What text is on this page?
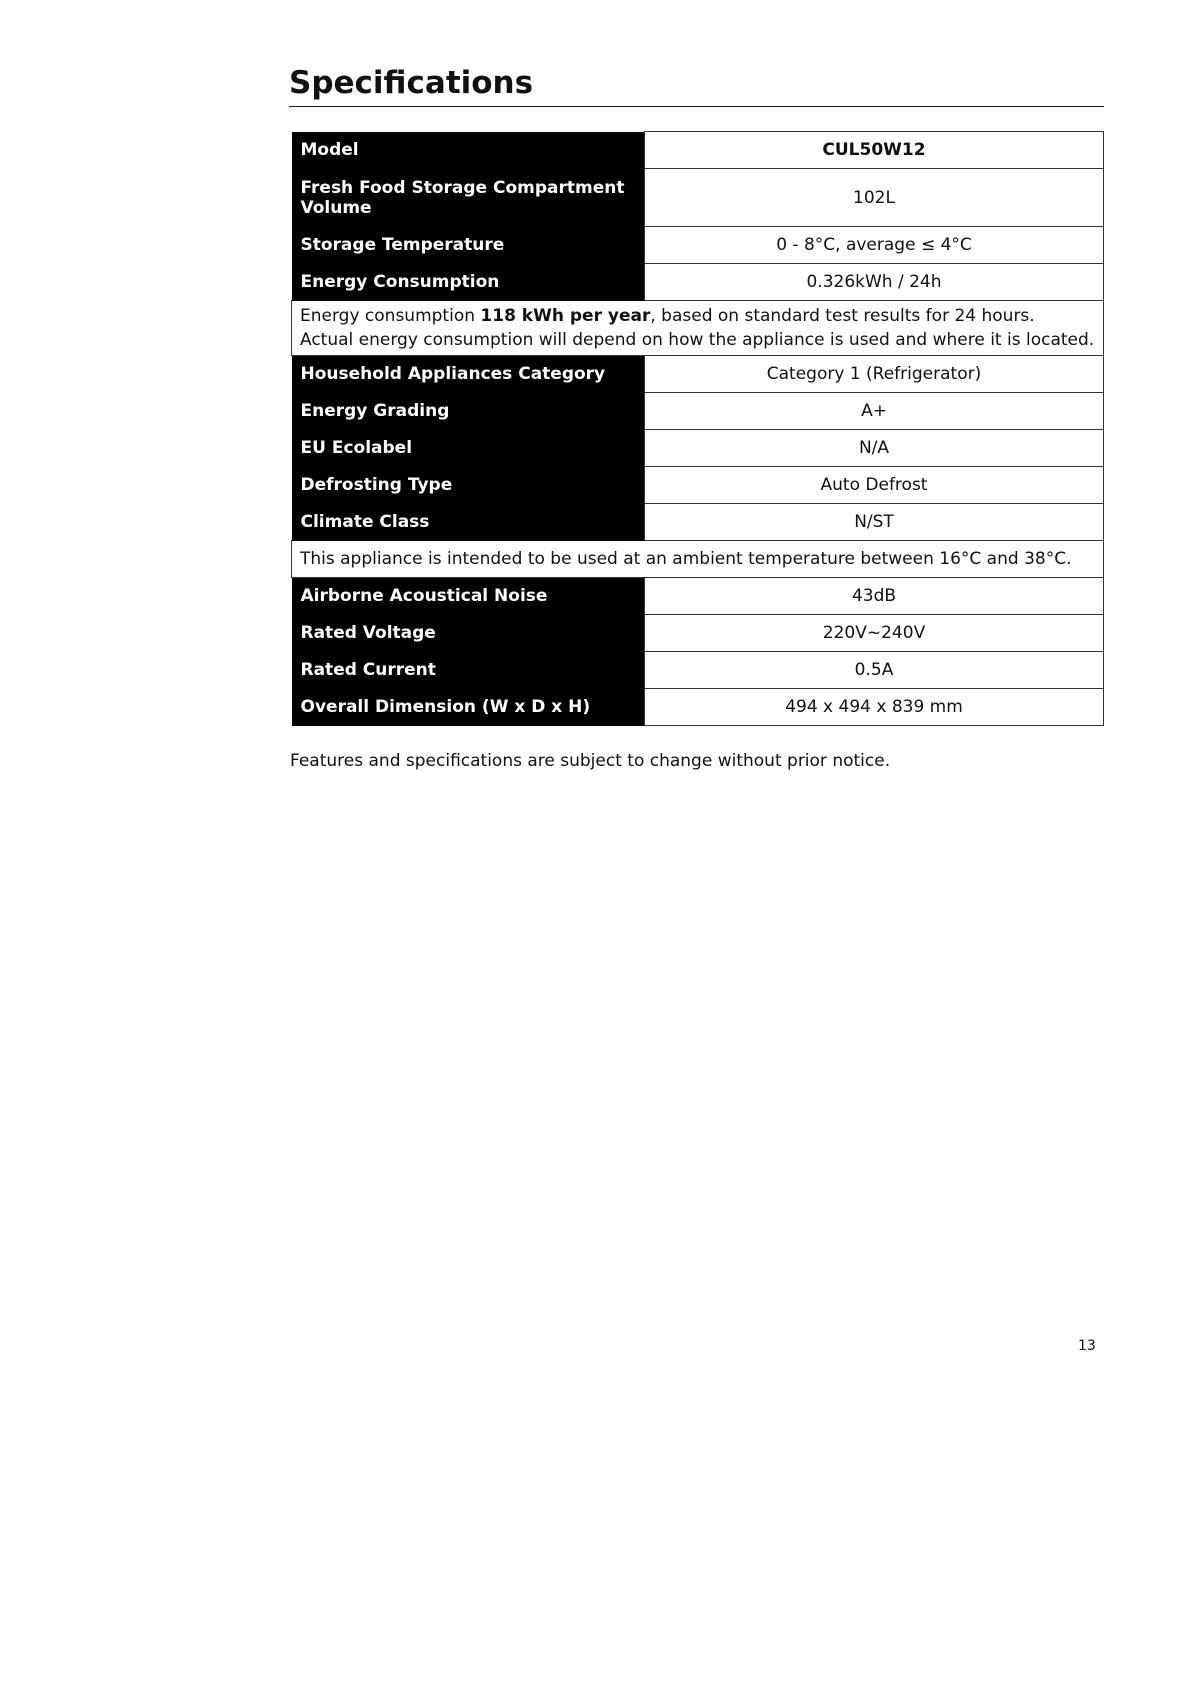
Specifications
Model	CUL50W12
Fresh Food Storage Compartment Volume	102L
Storage Temperature	0 - 8°C, average ≤ 4°C
Energy Consumption	0.326kWh / 24h
Energy consumption 118 kWh per year, based on standard test results for 24 hours.
Actual energy consumption will depend on how the appliance is used and where it is located.	
Household Appliances Category	Category 1 (Refrigerator)
Energy Grading	A+
EU Ecolabel	N/A
Defrosting Type	Auto Defrost
Climate Class	N/ST
This appliance is intended to be used at an ambient temperature between 16°C and 38°C.	
Airborne Acoustical Noise	43dB
Rated Voltage	220V~240V
Rated Current	0.5A
Overall Dimension (W x D x H)	494 x 494 x 839 mm
Features and specifications are subject to change without prior notice.
13
